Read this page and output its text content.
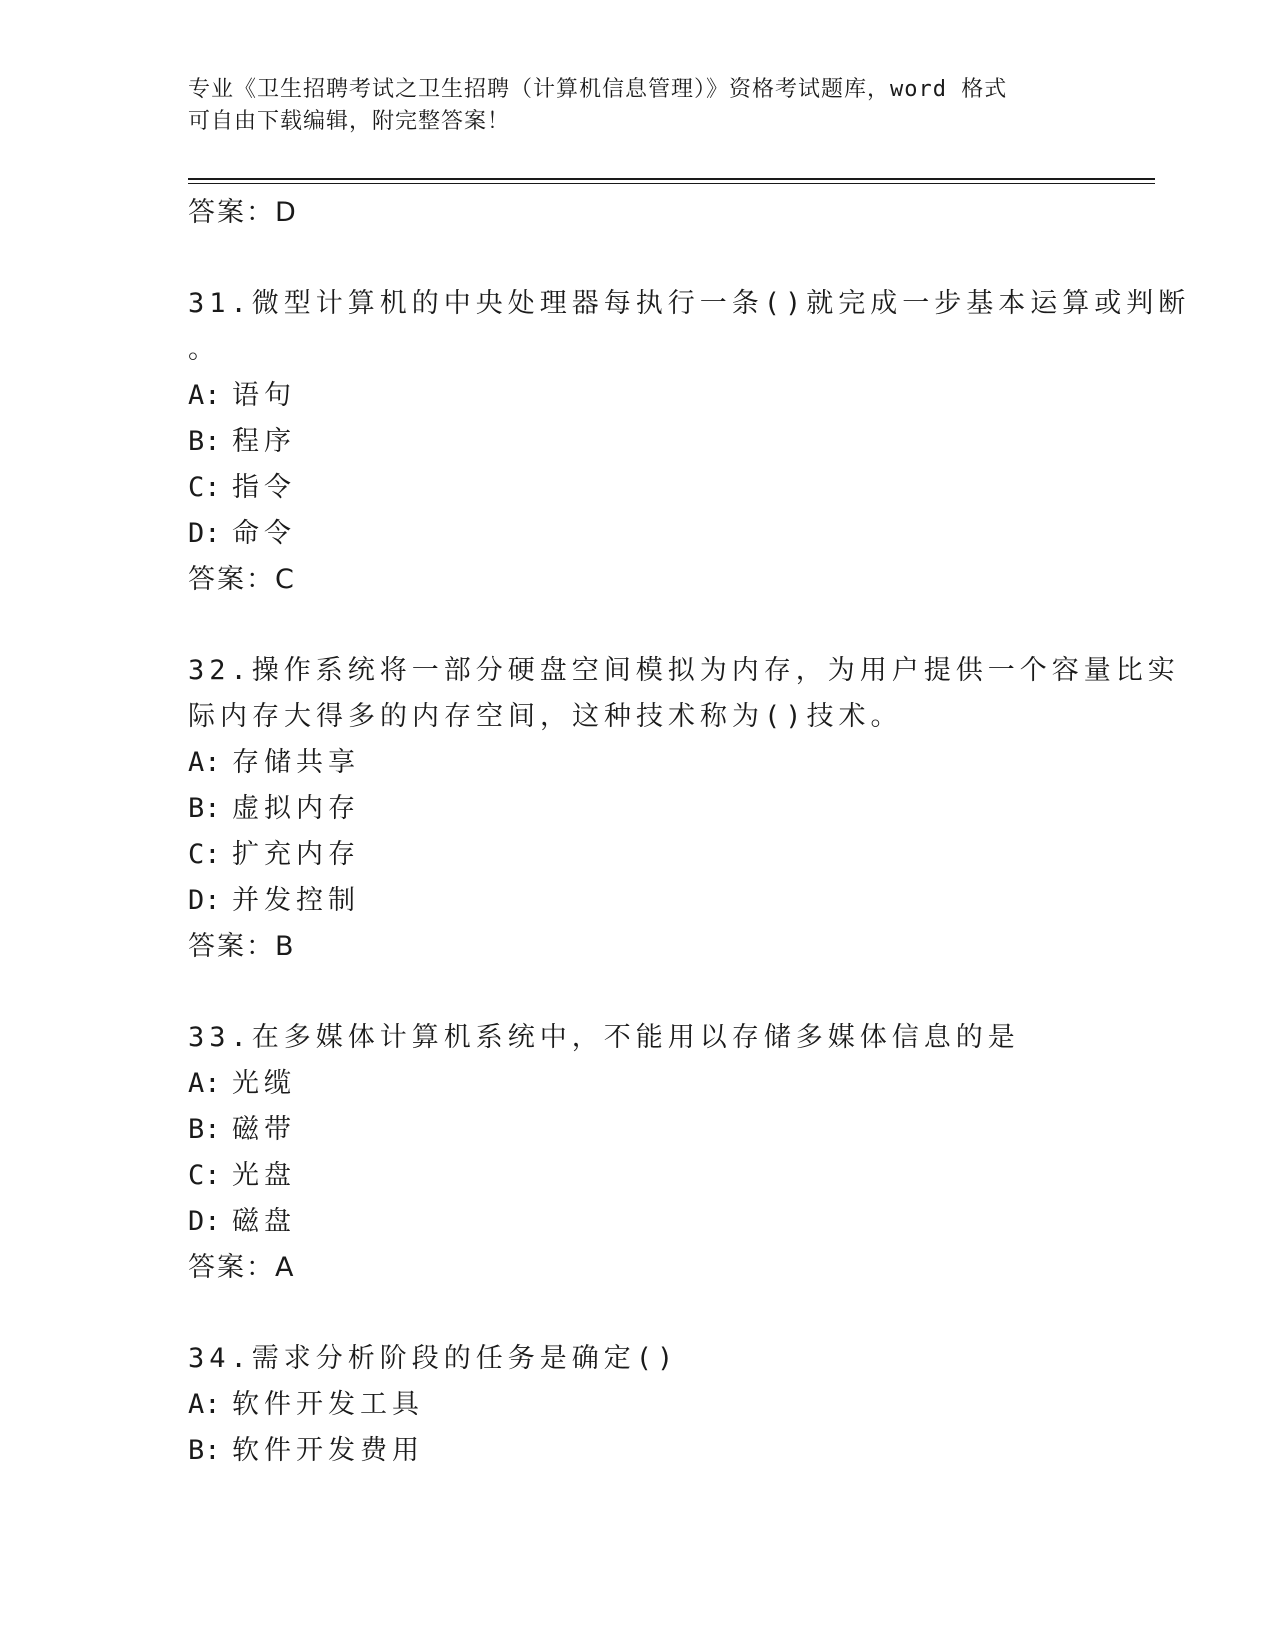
专业《卫生招聘考试之卫生招聘（计算机信息管理）》资格考试题库，word 格式
可自由下载编辑，附完整答案！
答案：D
31.微型计算机的中央处理器每执行一条()就完成一步基本运算或判断
。
A: 语句
B: 程序
C: 指令
D: 命令
答案：C
32.操作系统将一部分硬盘空间模拟为内存，为用户提供一个容量比实
际内存大得多的内存空间，这种技术称为()技术。
A: 存储共享
B: 虚拟内存
C: 扩充内存
D: 并发控制
答案：B
33.在多媒体计算机系统中，不能用以存储多媒体信息的是
A: 光缆
B: 磁带
C: 光盘
D: 磁盘
答案：A
34.需求分析阶段的任务是确定()
A: 软件开发工具
B: 软件开发费用
